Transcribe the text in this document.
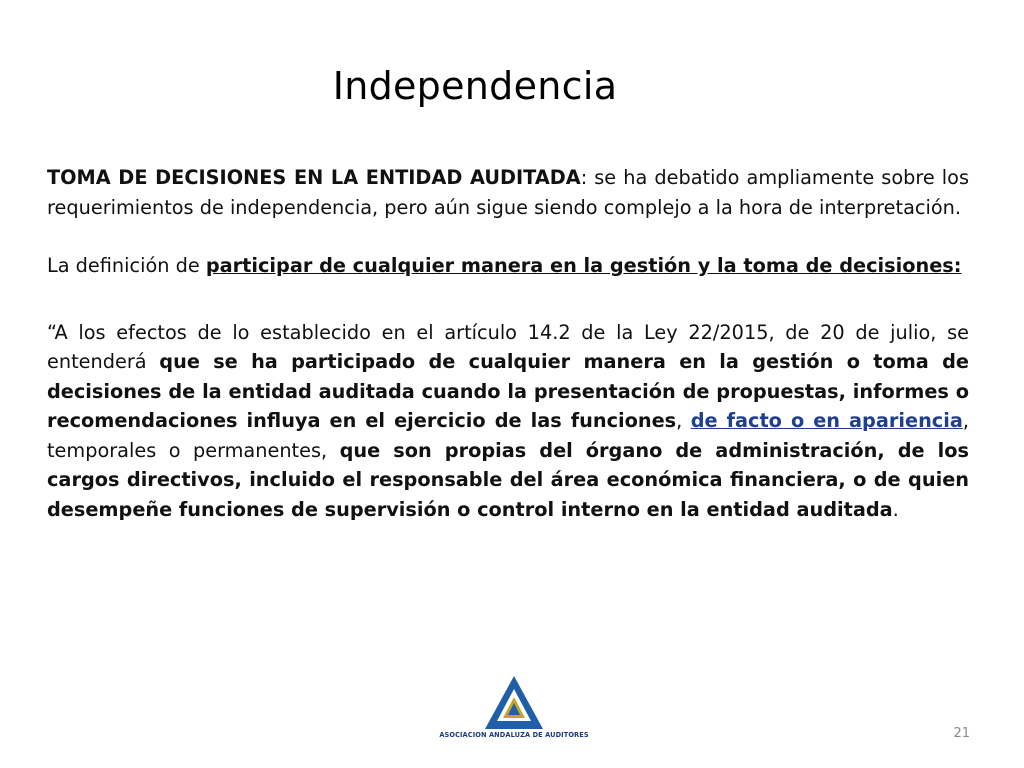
Independencia

TOMA DE DECISIONES EN LA ENTIDAD AUDITADA: se ha debatido ampliamente sobre los requerimientos de independencia, pero aún sigue siendo complejo a la hora de interpretación.

La definición de participar de cualquier manera en la gestión y la toma de decisiones:

“A los efectos de lo establecido en el artículo 14.2 de la Ley 22/2015, de 20 de julio, se entenderá que se ha participado de cualquier manera en la gestión o toma de decisiones de la entidad auditada cuando la presentación de propuestas, informes o recomendaciones influya en el ejercicio de las funciones, de facto o en apariencia, temporales o permanentes, que son propias del órgano de administración, de los cargos directivos, incluido el responsable del área económica financiera, o de quien desempeñe funciones de supervisión o control interno en la entidad auditada.

ASOCIACION ANDALUZA DE AUDITORES	21
